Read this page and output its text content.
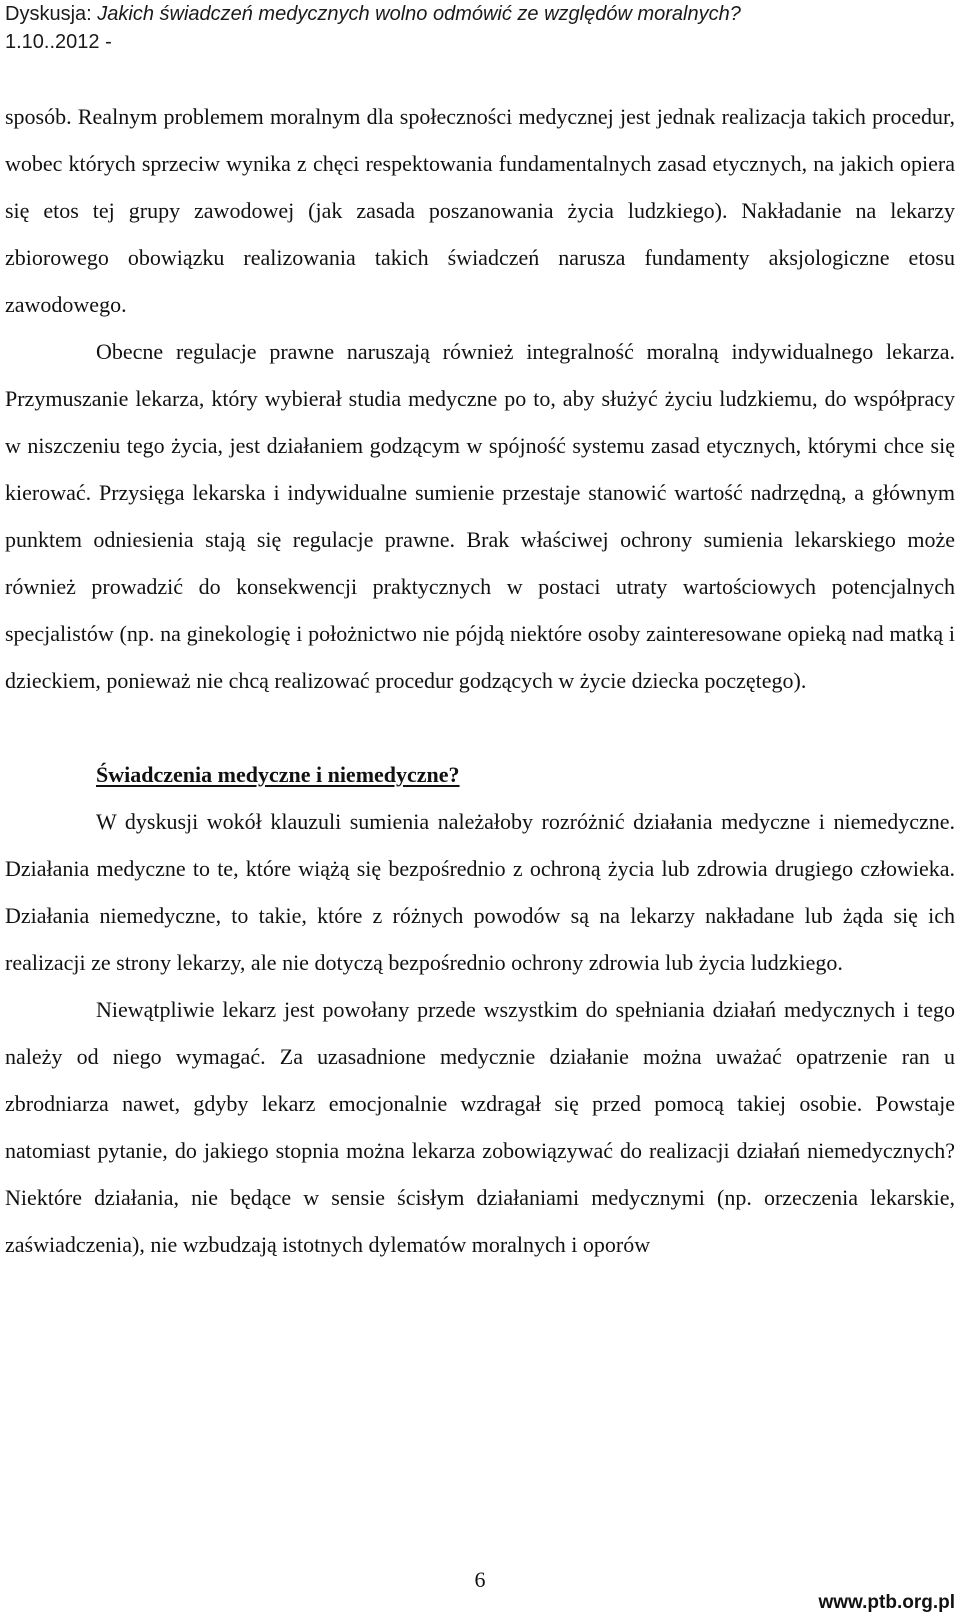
Dyskusja: Jakich świadczeń medycznych wolno odmówić ze względów moralnych?
1.10..2012 -

sposób. Realnym problemem moralnym dla społeczności medycznej jest jednak realizacja takich procedur, wobec których sprzeciw wynika z chęci respektowania fundamentalnych zasad etycznych, na jakich opiera się etos tej grupy zawodowej (jak zasada poszanowania życia ludzkiego). Nakładanie na lekarzy zbiorowego obowiązku realizowania takich świadczeń narusza fundamenty aksjologiczne etosu zawodowego.

Obecne regulacje prawne naruszają również integralność moralną indywidualnego lekarza. Przymuszanie lekarza, który wybierał studia medyczne po to, aby służyć życiu ludzkiemu, do współpracy w niszczeniu tego życia, jest działaniem godzącym w spójność systemu zasad etycznych, którymi chce się kierować. Przysięga lekarska i indywidualne sumienie przestaje stanowić wartość nadrzędną, a głównym punktem odniesienia stają się regulacje prawne. Brak właściwej ochrony sumienia lekarskiego może również prowadzić do konsekwencji praktycznych w postaci utraty wartościowych potencjalnych specjalistów (np. na ginekologię i położnictwo nie pójdą niektóre osoby zainteresowane opieką nad matką i dzieckiem, ponieważ nie chcą realizować procedur godzących w życie dziecka poczętego).

Świadczenia medyczne i niemedyczne?

W dyskusji wokół klauzuli sumienia należałoby rozróżnić działania medyczne i niemedyczne. Działania medyczne to te, które wiążą się bezpośrednio z ochroną życia lub zdrowia drugiego człowieka. Działania niemedyczne, to takie, które z różnych powodów są na lekarzy nakładane lub żąda się ich realizacji ze strony lekarzy, ale nie dotyczą bezpośrednio ochrony zdrowia lub życia ludzkiego.

Niewątpliwie lekarz jest powołany przede wszystkim do spełniania działań medycznych i tego należy od niego wymagać. Za uzasadnione medycznie działanie można uważać opatrzenie ran u zbrodniarza nawet, gdyby lekarz emocjonalnie wzdragał się przed pomocą takiej osobie. Powstaje natomiast pytanie, do jakiego stopnia można lekarza zobowiązywać do realizacji działań niemedycznych? Niektóre działania, nie będące w sensie ścisłym działaniami medycznymi (np. orzeczenia lekarskie, zaświadczenia), nie wzbudzają istotnych dylematów moralnych i oporów

6
www.ptb.org.pl
